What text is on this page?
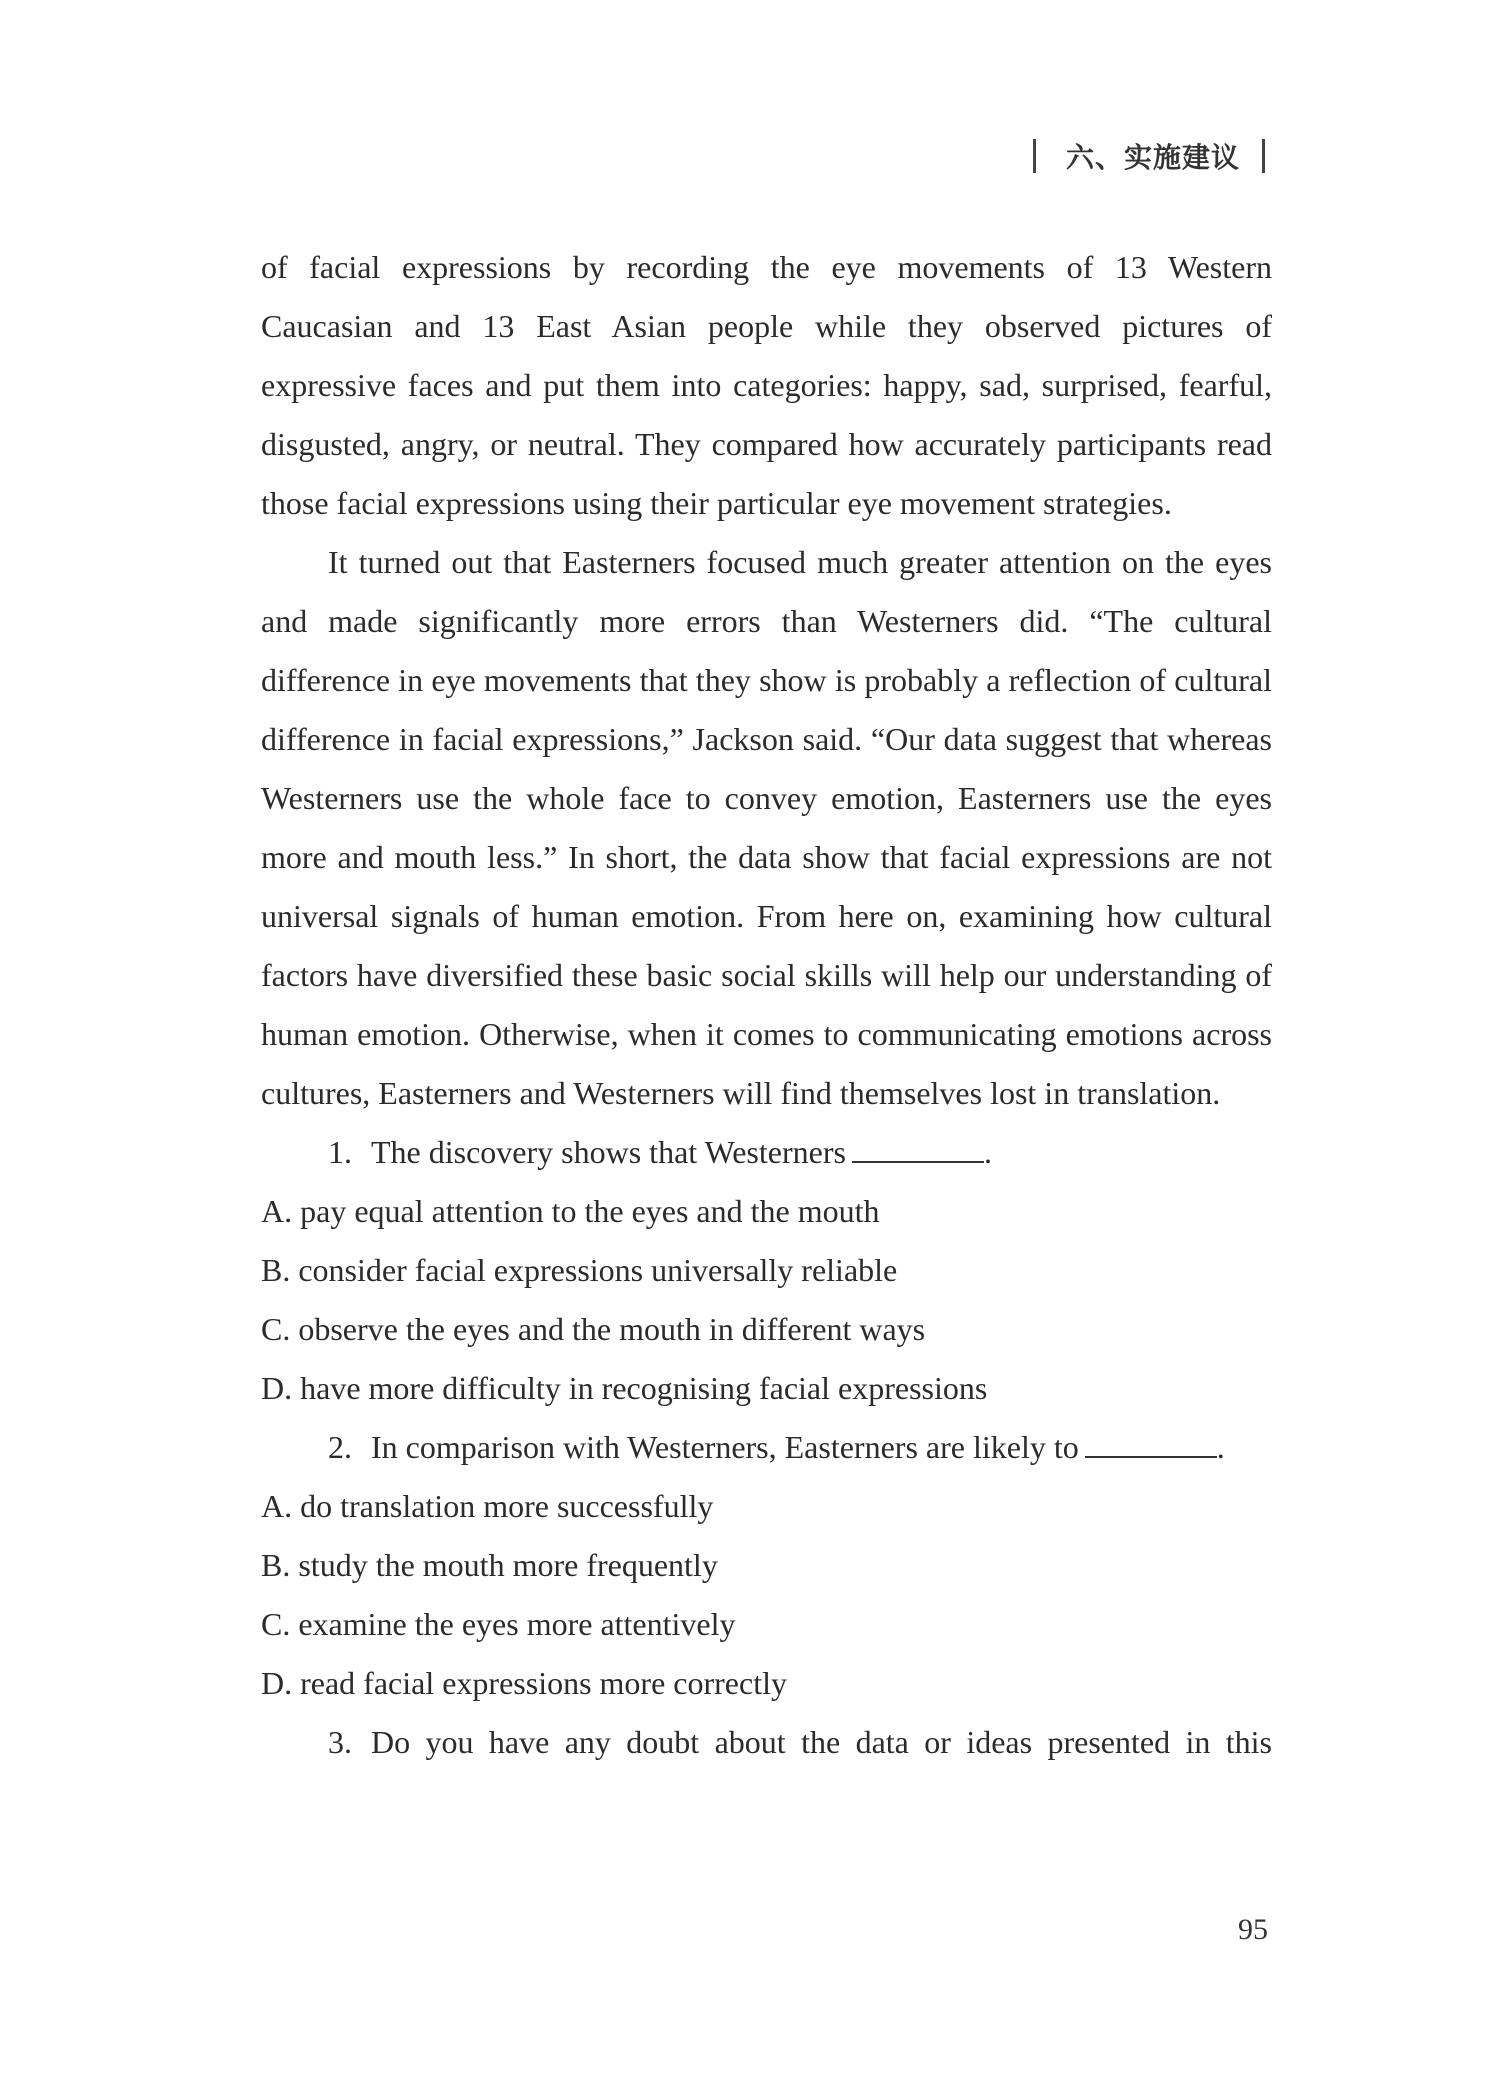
六、实施建议

of facial expressions by recording the eye movements of 13 Western Caucasian and 13 East Asian people while they observed pictures of expressive faces and put them into categories: happy, sad, surprised, fearful, disgusted, angry, or neutral. They compared how accurately participants read those facial expressions using their particular eye movement strategies.

It turned out that Easterners focused much greater attention on the eyes and made significantly more errors than Westerners did. “The cultural difference in eye movements that they show is probably a reflection of cultural difference in facial expressions,” Jackson said. “Our data suggest that whereas Westerners use the whole face to convey emotion, Easterners use the eyes more and mouth less.” In short, the data show that facial expressions are not universal signals of human emotion. From here on, examining how cultural factors have diversified these basic social skills will help our understanding of human emotion. Otherwise, when it comes to communicating emotions across cultures, Easterners and Westerners will find themselves lost in translation.

1. The discovery shows that Westerners	.

A. pay equal attention to the eyes and the mouth

B. consider facial expressions universally reliable

C. observe the eyes and the mouth in different ways

D. have more difficulty in recognising facial expressions

2. In comparison with Westerners, Easterners are likely to	.

A. do translation more successfully

B. study the mouth more frequently

C. examine the eyes more attentively

D. read facial expressions more correctly

3. Do you have any doubt about the data or ideas presented in this
95
